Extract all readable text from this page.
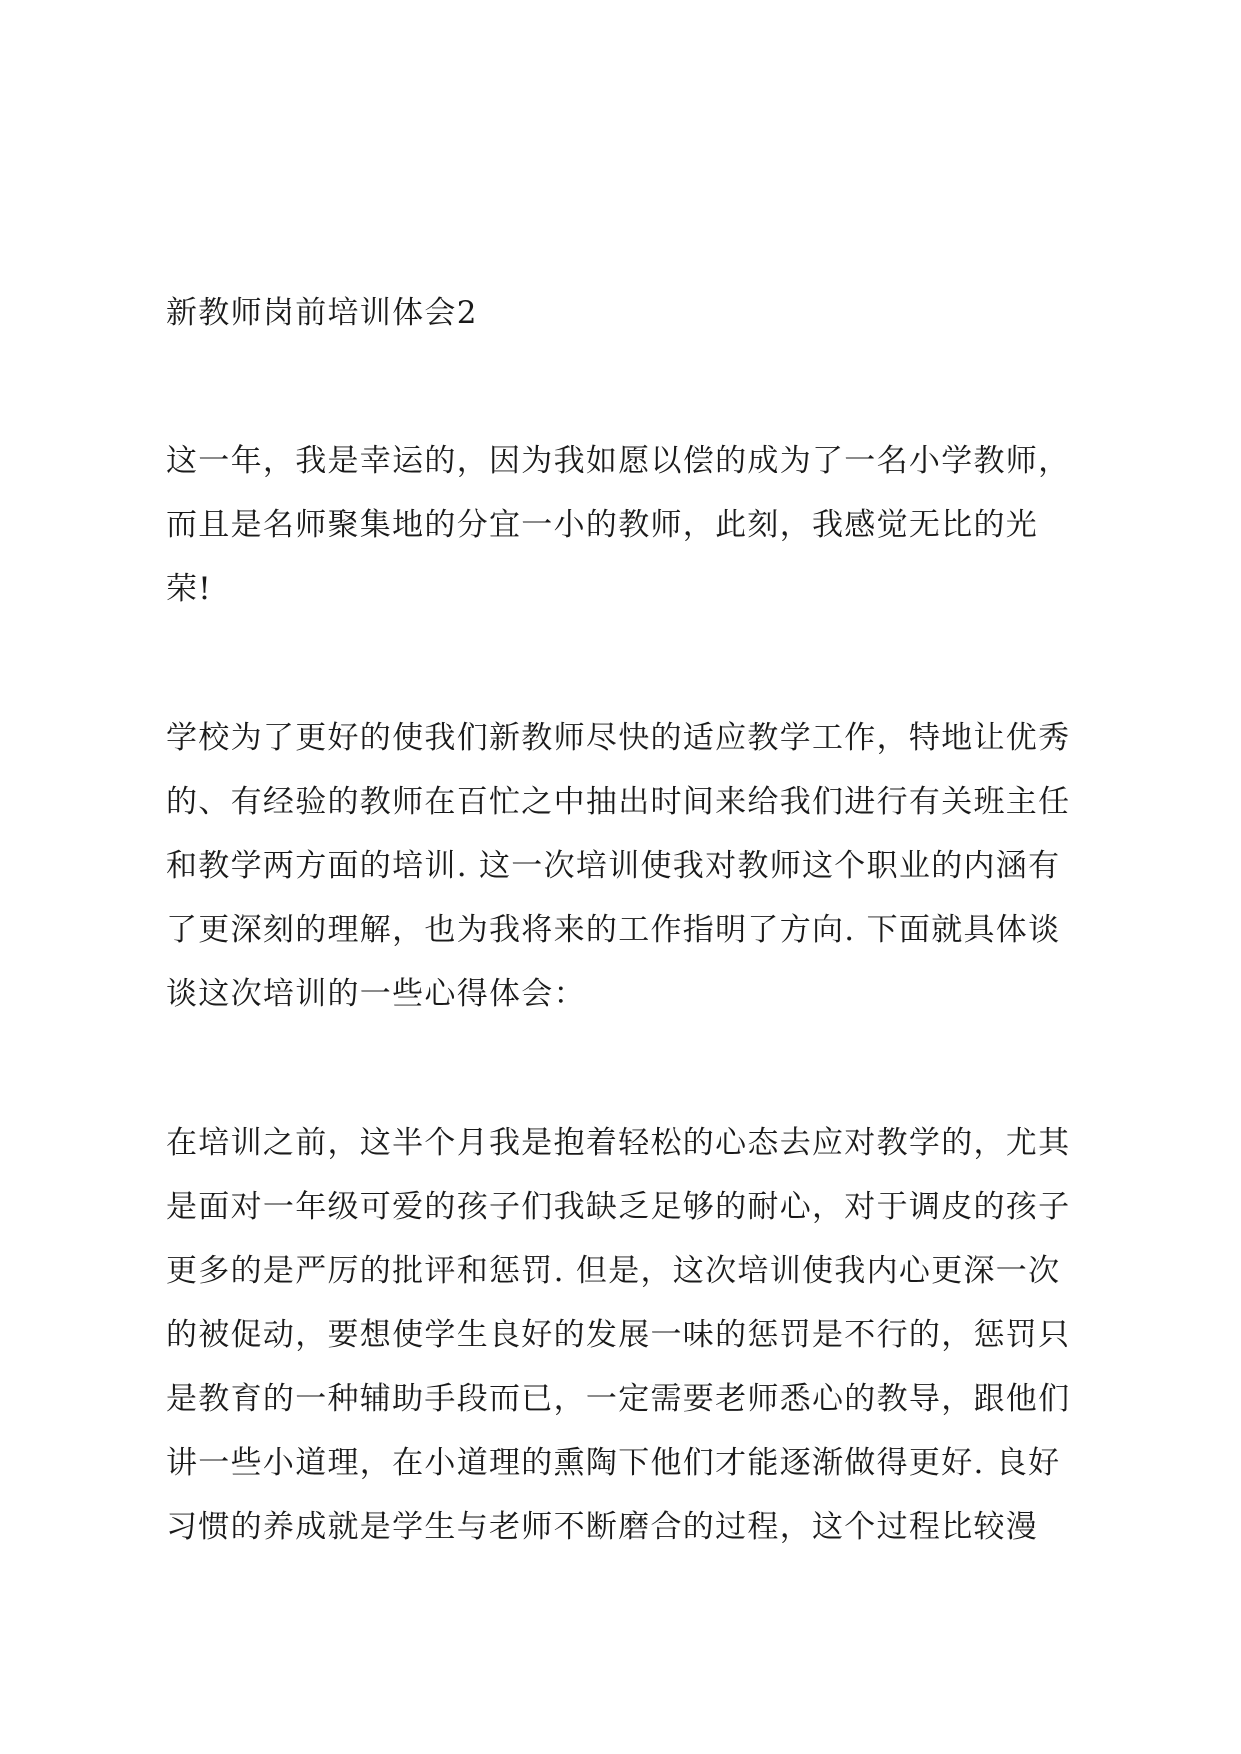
新教师岗前培训体会2

这一年，我是幸运的，因为我如愿以偿的成为了一名小学教师，
而且是名师聚集地的分宜一小的教师，此刻，我感觉无比的光
荣!

学校为了更好的使我们新教师尽快的适应教学工作，特地让优秀
的、有经验的教师在百忙之中抽出时间来给我们进行有关班主任
和教学两方面的培训. 这一次培训使我对教师这个职业的内涵有
了更深刻的理解，也为我将来的工作指明了方向. 下面就具体谈
谈这次培训的一些心得体会：

在培训之前，这半个月我是抱着轻松的心态去应对教学的，尤其
是面对一年级可爱的孩子们我缺乏足够的耐心，对于调皮的孩子
更多的是严厉的批评和惩罚. 但是，这次培训使我内心更深一次
的被促动，要想使学生良好的发展一味的惩罚是不行的，惩罚只
是教育的一种辅助手段而已，一定需要老师悉心的教导，跟他们
讲一些小道理，在小道理的熏陶下他们才能逐渐做得更好. 良好
习惯的养成就是学生与老师不断磨合的过程，这个过程比较漫
